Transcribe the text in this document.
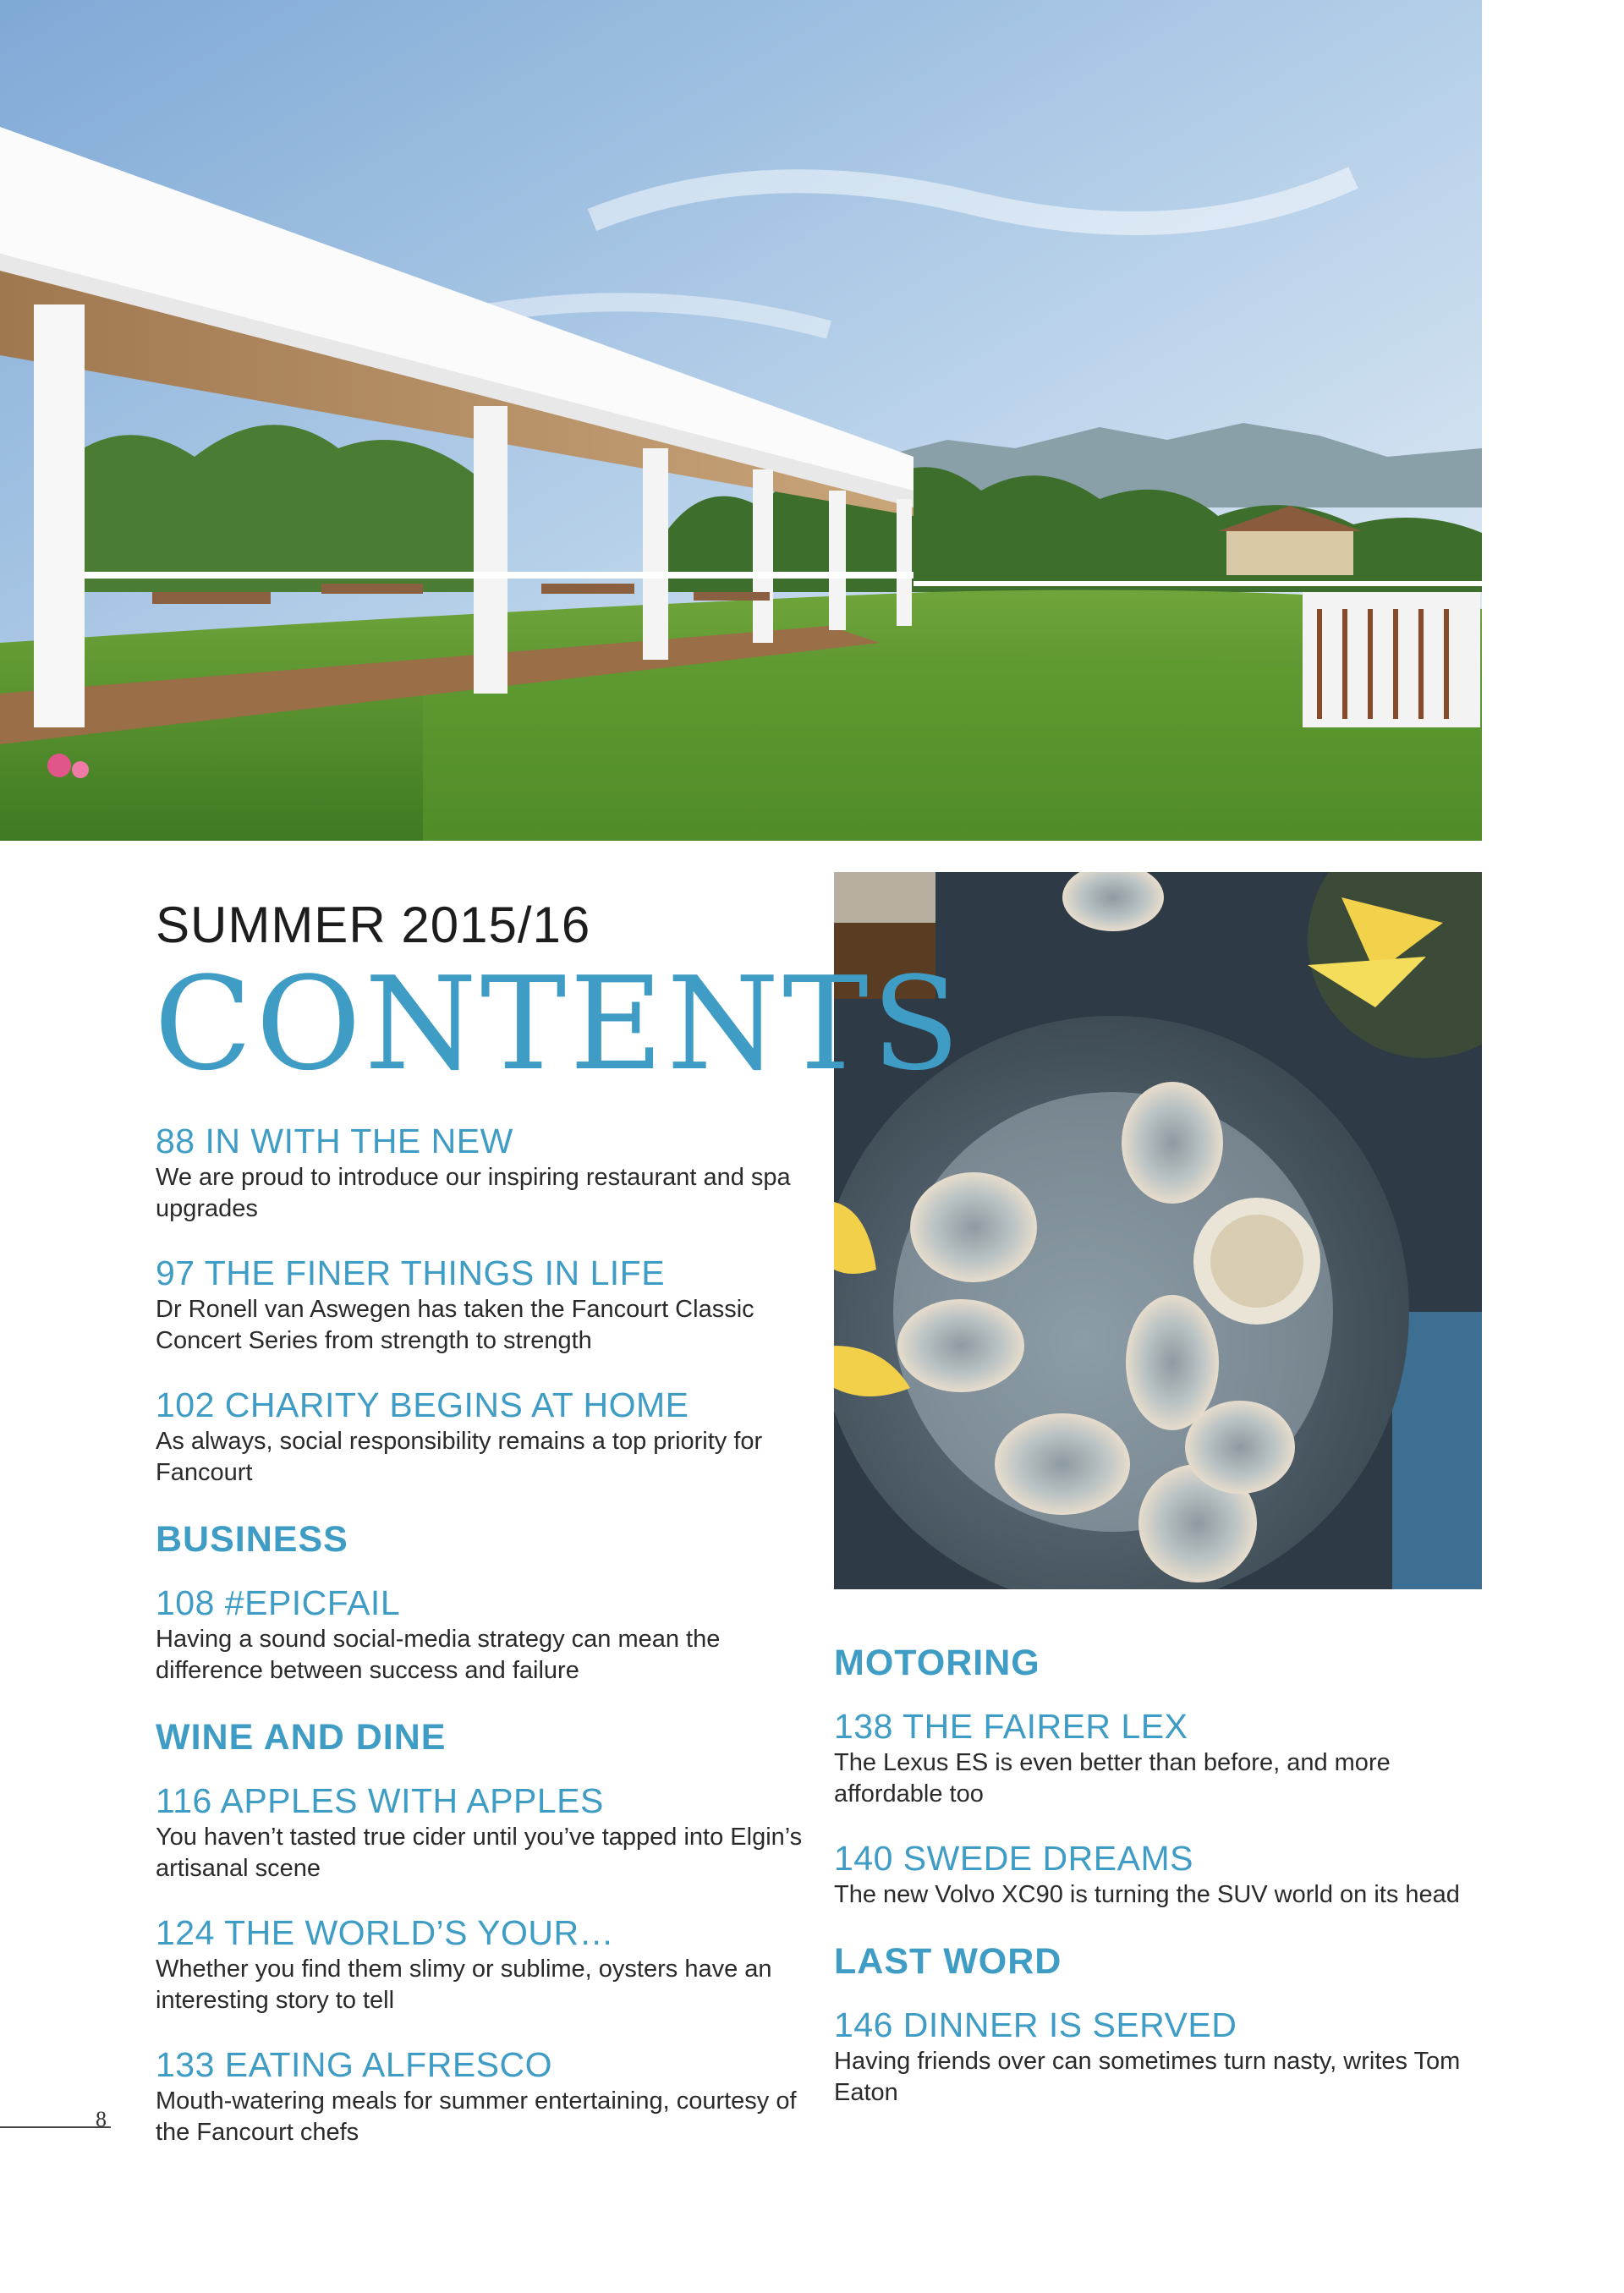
SUMMER 2015/16
CONTENTS
88 IN WITH THE NEW
We are proud to introduce our inspiring restaurant and spa upgrades
97 THE FINER THINGS IN LIFE
Dr Ronell van Aswegen has taken the Fancourt Classic Concert Series from strength to strength
102 CHARITY BEGINS AT HOME
As always, social responsibility remains a top priority for Fancourt
BUSINESS
108 #EPICFAIL
Having a sound social-media strategy can mean the difference between success and failure
WINE AND DINE
116 APPLES WITH APPLES
You haven’t tasted true cider until you’ve tapped into Elgin’s artisanal scene
124 THE WORLD’S YOUR…
Whether you find them slimy or sublime, oysters have an interesting story to tell
133 EATING ALFRESCO
Mouth-watering meals for summer entertaining, courtesy of the Fancourt chefs
MOTORING
138 THE FAIRER LEX
The Lexus ES is even better than before, and more affordable too
140 SWEDE DREAMS
The new Volvo XC90 is turning the SUV world on its head
LAST WORD
146 DINNER IS SERVED
Having friends over can sometimes turn nasty, writes Tom Eaton
8
